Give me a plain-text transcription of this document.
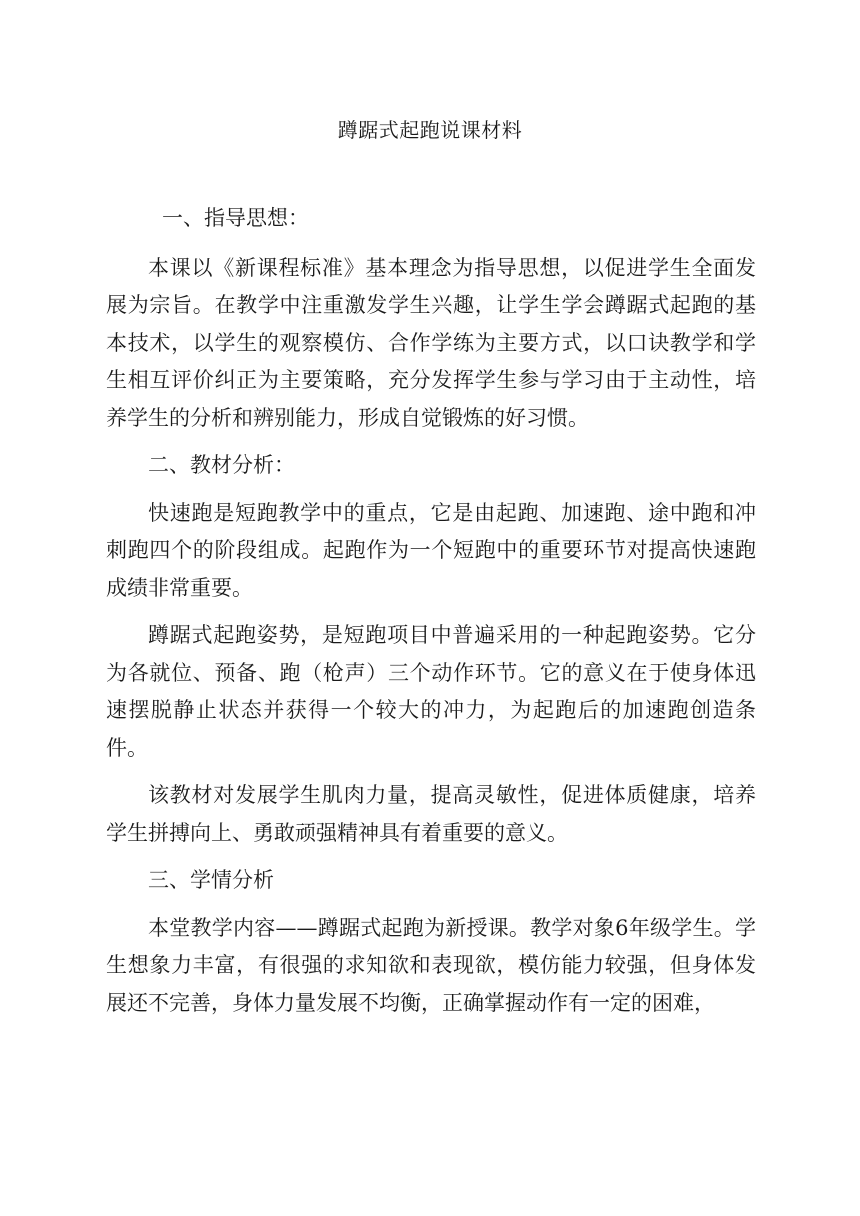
蹲踞式起跑说课材料

一、指导思想：

本课以《新课程标准》基本理念为指导思想，以促进学生全面发展为宗旨。在教学中注重激发学生兴趣，让学生学会蹲踞式起跑的基本技术，以学生的观察模仿、合作学练为主要方式，以口诀教学和学生相互评价纠正为主要策略，充分发挥学生参与学习由于主动性，培养学生的分析和辨别能力，形成自觉锻炼的好习惯。

二、教材分析：

快速跑是短跑教学中的重点，它是由起跑、加速跑、途中跑和冲刺跑四个的阶段组成。起跑作为一个短跑中的重要环节对提高快速跑成绩非常重要。

蹲踞式起跑姿势，是短跑项目中普遍采用的一种起跑姿势。它分为各就位、预备、跑（枪声）三个动作环节。它的意义在于使身体迅速摆脱静止状态并获得一个较大的冲力，为起跑后的加速跑创造条件。

该教材对发展学生肌肉力量，提高灵敏性，促进体质健康，培养学生拼搏向上、勇敢顽强精神具有着重要的意义。

三、学情分析

本堂教学内容——蹲踞式起跑为新授课。教学对象6年级学生。学生想象力丰富，有很强的求知欲和表现欲，模仿能力较强，但身体发展还不完善，身体力量发展不均衡，正确掌握动作有一定的困难，
